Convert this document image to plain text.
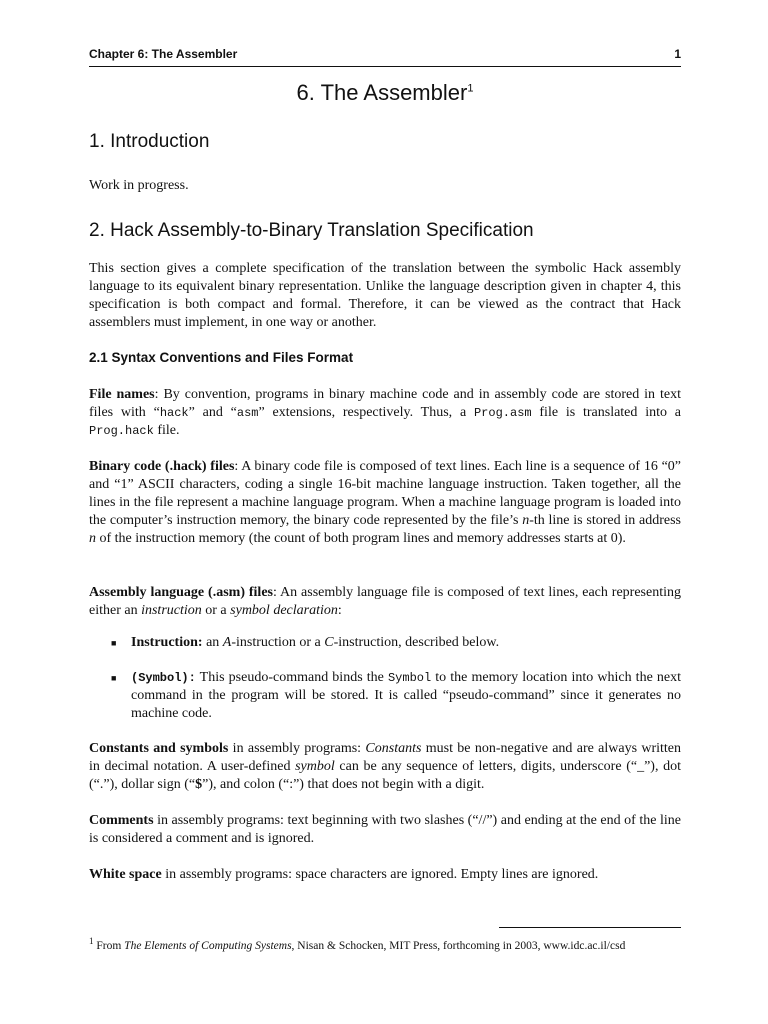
Chapter 6: The Assembler	1
6. The Assembler$^1$
1. Introduction

Work in progress.

2. Hack Assembly-to-Binary Translation Specification

This section gives a complete specification of the translation between the symbolic Hack assembly language to its equivalent binary representation. Unlike the language description given in chapter 4, this specification is both compact and formal. Therefore, it can be viewed as the contract that Hack assemblers must implement, in one way or another.

2.1 Syntax Conventions and Files Format

File names: By convention, programs in binary machine code and in assembly code are stored in text files with “hack” and “asm” extensions, respectively. Thus, a Prog.asm file is translated into a Prog.hack file.

Binary code (.hack) files: A binary code file is composed of text lines. Each line is a sequence of 16 “0” and “1” ASCII characters, coding a single 16-bit machine language instruction. Taken together, all the lines in the file represent a machine language program. When a machine language program is loaded into the computer’s instruction memory, the binary code represented by the file’s n-th line is stored in address n of the instruction memory (the count of both program lines and memory addresses starts at 0).

Assembly language (.asm) files: An assembly language file is composed of text lines, each representing either an instruction or a symbol declaration:

■ Instruction: an A-instruction or a C-instruction, described below.
■ (Symbol): This pseudo-command binds the Symbol to the memory location into which the next command in the program will be stored. It is called “pseudo-command” since it generates no machine code.

Constants and symbols in assembly programs: Constants must be non-negative and are always written in decimal notation. A user-defined symbol can be any sequence of letters, digits, underscore (“_”), dot (“.”), dollar sign (“$”), and colon (“:”) that does not begin with a digit.

Comments in assembly programs: text beginning with two slashes (“//”) and ending at the end of the line is considered a comment and is ignored.

White space in assembly programs: space characters are ignored. Empty lines are ignored.

$^1$ From The Elements of Computing Systems, Nisan & Schocken, MIT Press, forthcoming in 2003, www.idc.ac.il/csd
